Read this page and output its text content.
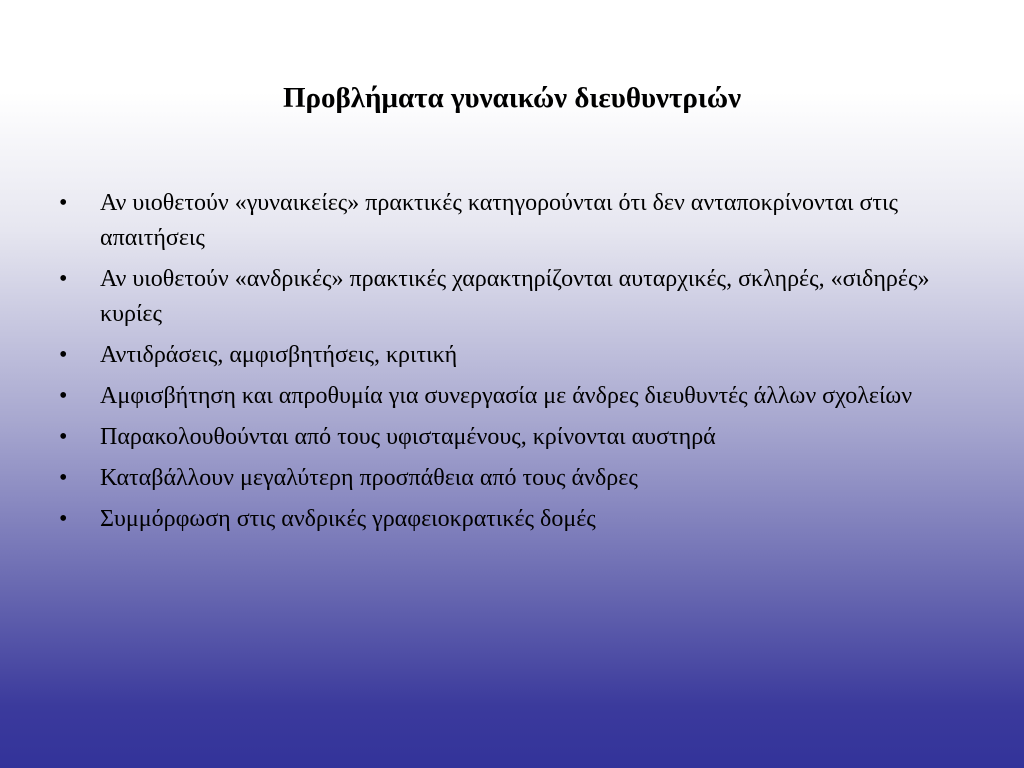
Προβλήματα γυναικών διευθυντριών
•	Αν υιοθετούν «γυναικείες» πρακτικές κατηγορούνται ότι δεν ανταποκρίνονται στις απαιτήσεις
•	Αν υιοθετούν «ανδρικές» πρακτικές χαρακτηρίζονται αυταρχικές, σκληρές, «σιδηρές» κυρίες
•	Αντιδράσεις, αμφισβητήσεις, κριτική
•	Αμφισβήτηση και απροθυμία για συνεργασία με άνδρες διευθυντές άλλων σχολείων
•	Παρακολουθούνται από τους υφισταμένους, κρίνονται αυστηρά
•	Καταβάλλουν μεγαλύτερη προσπάθεια από τους άνδρες
•	Συμμόρφωση στις ανδρικές γραφειοκρατικές δομές
